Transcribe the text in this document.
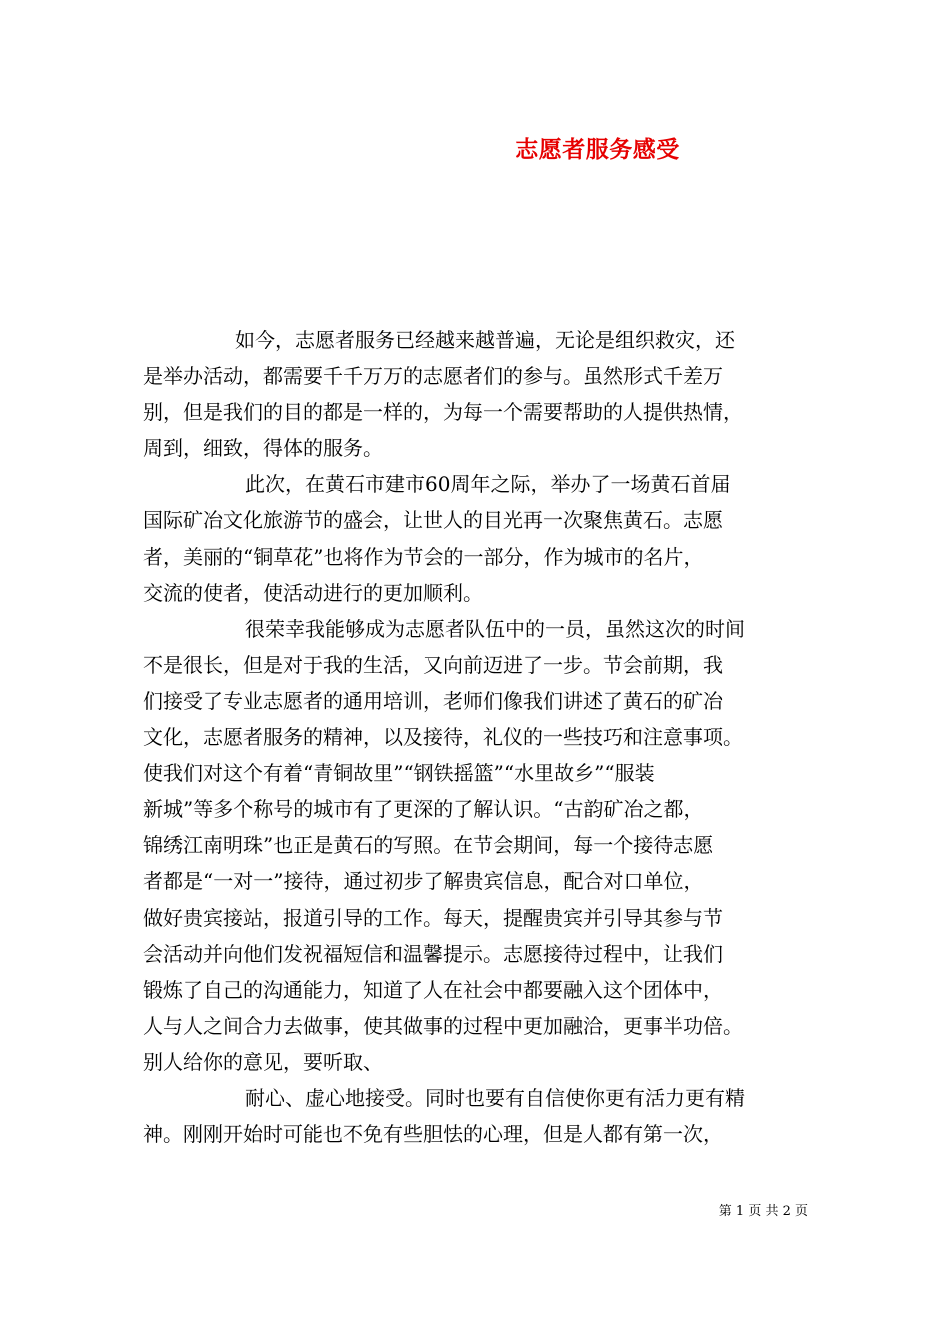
志愿者服务感受
如今，志愿者服务已经越来越普遍，无论是组织救灾，还
是举办活动，都需要千千万万的志愿者们的参与。虽然形式千差万
别，但是我们的目的都是一样的，为每一个需要帮助的人提供热情，
周到，细致，得体的服务。
此次，在黄石市建市60周年之际，举办了一场黄石首届
国际矿冶文化旅游节的盛会，让世人的目光再一次聚焦黄石。志愿
者，美丽的“铜草花”也将作为节会的一部分，作为城市的名片，
交流的使者，使活动进行的更加顺利。
很荣幸我能够成为志愿者队伍中的一员，虽然这次的时间
不是很长，但是对于我的生活，又向前迈进了一步。节会前期，我
们接受了专业志愿者的通用培训，老师们像我们讲述了黄石的矿冶
文化，志愿者服务的精神，以及接待，礼仪的一些技巧和注意事项。
使我们对这个有着“青铜故里”“钢铁摇篮”“水里故乡”“服装
新城”等多个称号的城市有了更深的了解认识。“古韵矿冶之都，
锦绣江南明珠”也正是黄石的写照。在节会期间，每一个接待志愿
者都是“一对一”接待，通过初步了解贵宾信息，配合对口单位，
做好贵宾接站，报道引导的工作。每天，提醒贵宾并引导其参与节
会活动并向他们发祝福短信和温馨提示。志愿接待过程中，让我们
锻炼了自己的沟通能力，知道了人在社会中都要融入这个团体中，
人与人之间合力去做事，使其做事的过程中更加融洽，更事半功倍。
别人给你的意见，要听取、
耐心、虚心地接受。同时也要有自信使你更有活力更有精
神。刚刚开始时可能也不免有些胆怯的心理，但是人都有第一次，
第 1 页 共 2 页
